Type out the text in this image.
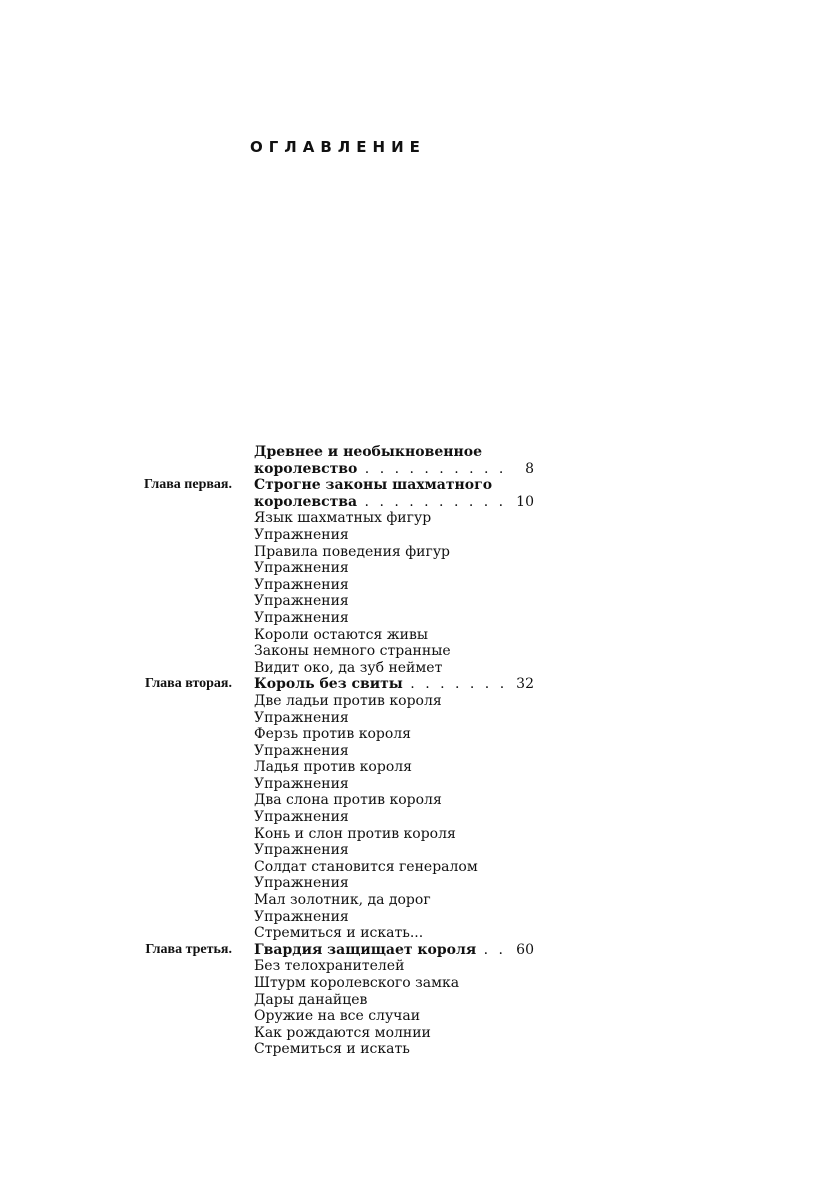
ОГЛАВЛЕНИЕ
Древнее и необыкновенное
королевство . . . . . . . . . .	8
Глава первая. Строгне законы шахматного
королевства . . . . . . . . . . 10
Язык шахматных фигур
Упражнения
Правила поведения фигур
Упражнения
Упражнения
Упражнения
Упражнения
Короли остаются живы
Законы немного странные
Видит око, да зуб неймет
Глава вторая. Король без свиты . . . . . . . 32
Две ладьи против короля
Упражнения
Ферзь против короля
Упражнения
Ладья против короля
Упражнения
Два слона против короля
Упражнения
Конь и слон против короля
Упражнения
Солдат становится генералом
Упражнения
Мал золотник, да дорог
Упражнения
Стремиться и искать...
Глава третья. Гвардия защищает короля . . 60
Без телохранителей
Штурм королевского замка
Дары данайцев
Оружие на все случаи
Как рождаются молнии
Стремиться и искать
